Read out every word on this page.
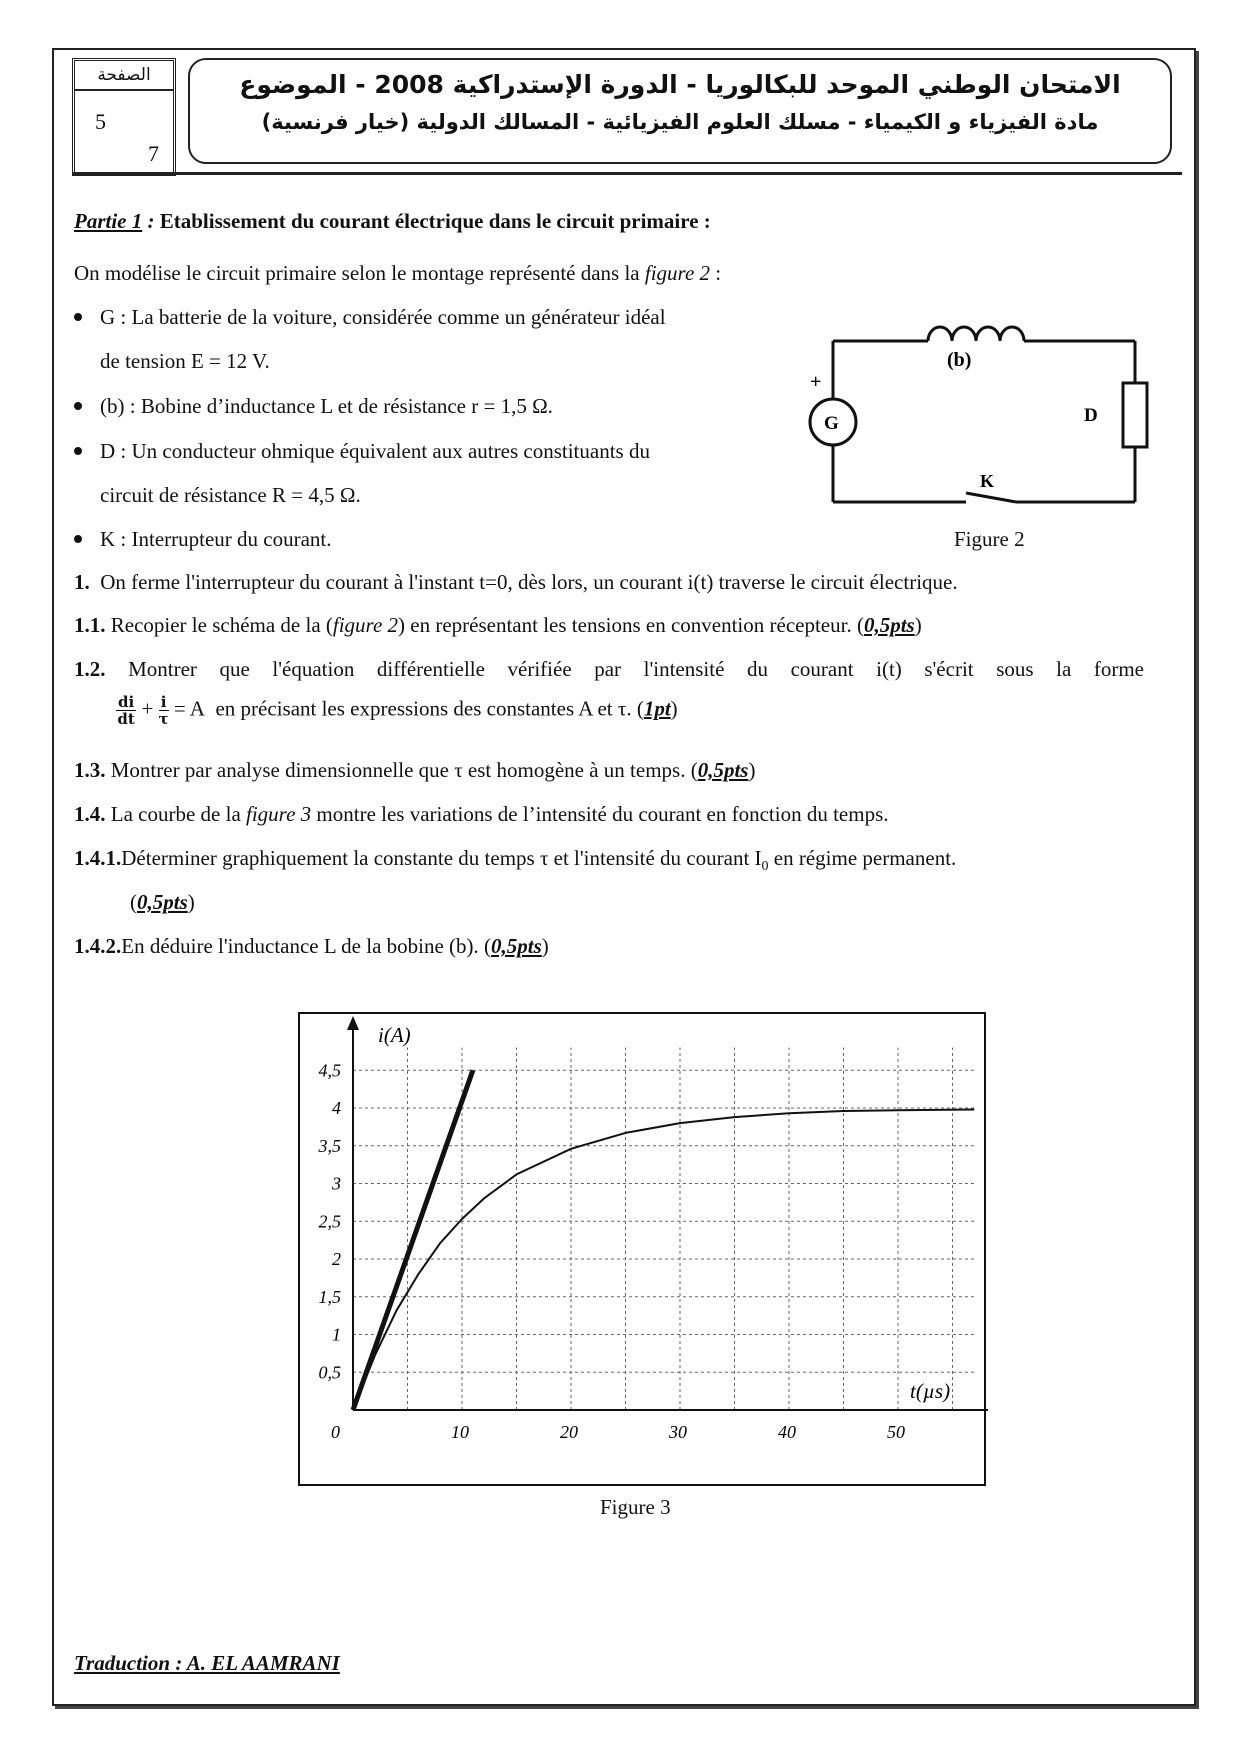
الصفحة
5
7
الامتحان الوطني الموحد للبكالوريا - الدورة الإستدراكية 2008 - الموضوع
مادة الفيزياء و الكيمياء - مسلك العلوم الفيزيائية - المسالك الدولية (خيار فرنسية)
Partie 1 : Etablissement du courant électrique dans le circuit primaire :
On modélise le circuit primaire selon le montage représenté dans la figure 2 :
G : La batterie de la voiture, considérée comme un générateur idéal
de tension E = 12 V.
(b) : Bobine d’inductance L et de résistance r = 1,5 Ω.
D : Un conducteur ohmique équivalent aux autres constituants du
circuit de résistance R = 4,5 Ω.
K : Interrupteur du courant.
(b)
G
+
D
K
Figure 2
1. On ferme l'interrupteur du courant à l'instant t=0, dès lors, un courant i(t) traverse le circuit électrique.
1.1. Recopier le schéma de la (figure 2) en représentant les tensions en convention récepteur. (0,5pts)
1.2. Montrer que l'équation différentielle vérifiée par l'intensité du courant i(t) s'écrit sous la forme
$\frac{di}{dt} + \frac{i}{\tau} = A$ en précisant les expressions des constantes A et τ. (1pt)
1.3. Montrer par analyse dimensionnelle que τ est homogène à un temps. (0,5pts)
1.4. La courbe de la figure 3 montre les variations de l’intensité du courant en fonction du temps.
1.4.1.Déterminer graphiquement la constante du temps τ et l'intensité du courant $I_0$ en régime permanent.
(0,5pts)
1.4.2.En déduire l'inductance L de la bobine (b). (0,5pts)
0	10	20	30	40	50
0,5
1
1,5
2
2,5
3
3,5
4
4,5
i(A)
t(µs)
Figure 3
Traduction : A. EL AAMRANI
